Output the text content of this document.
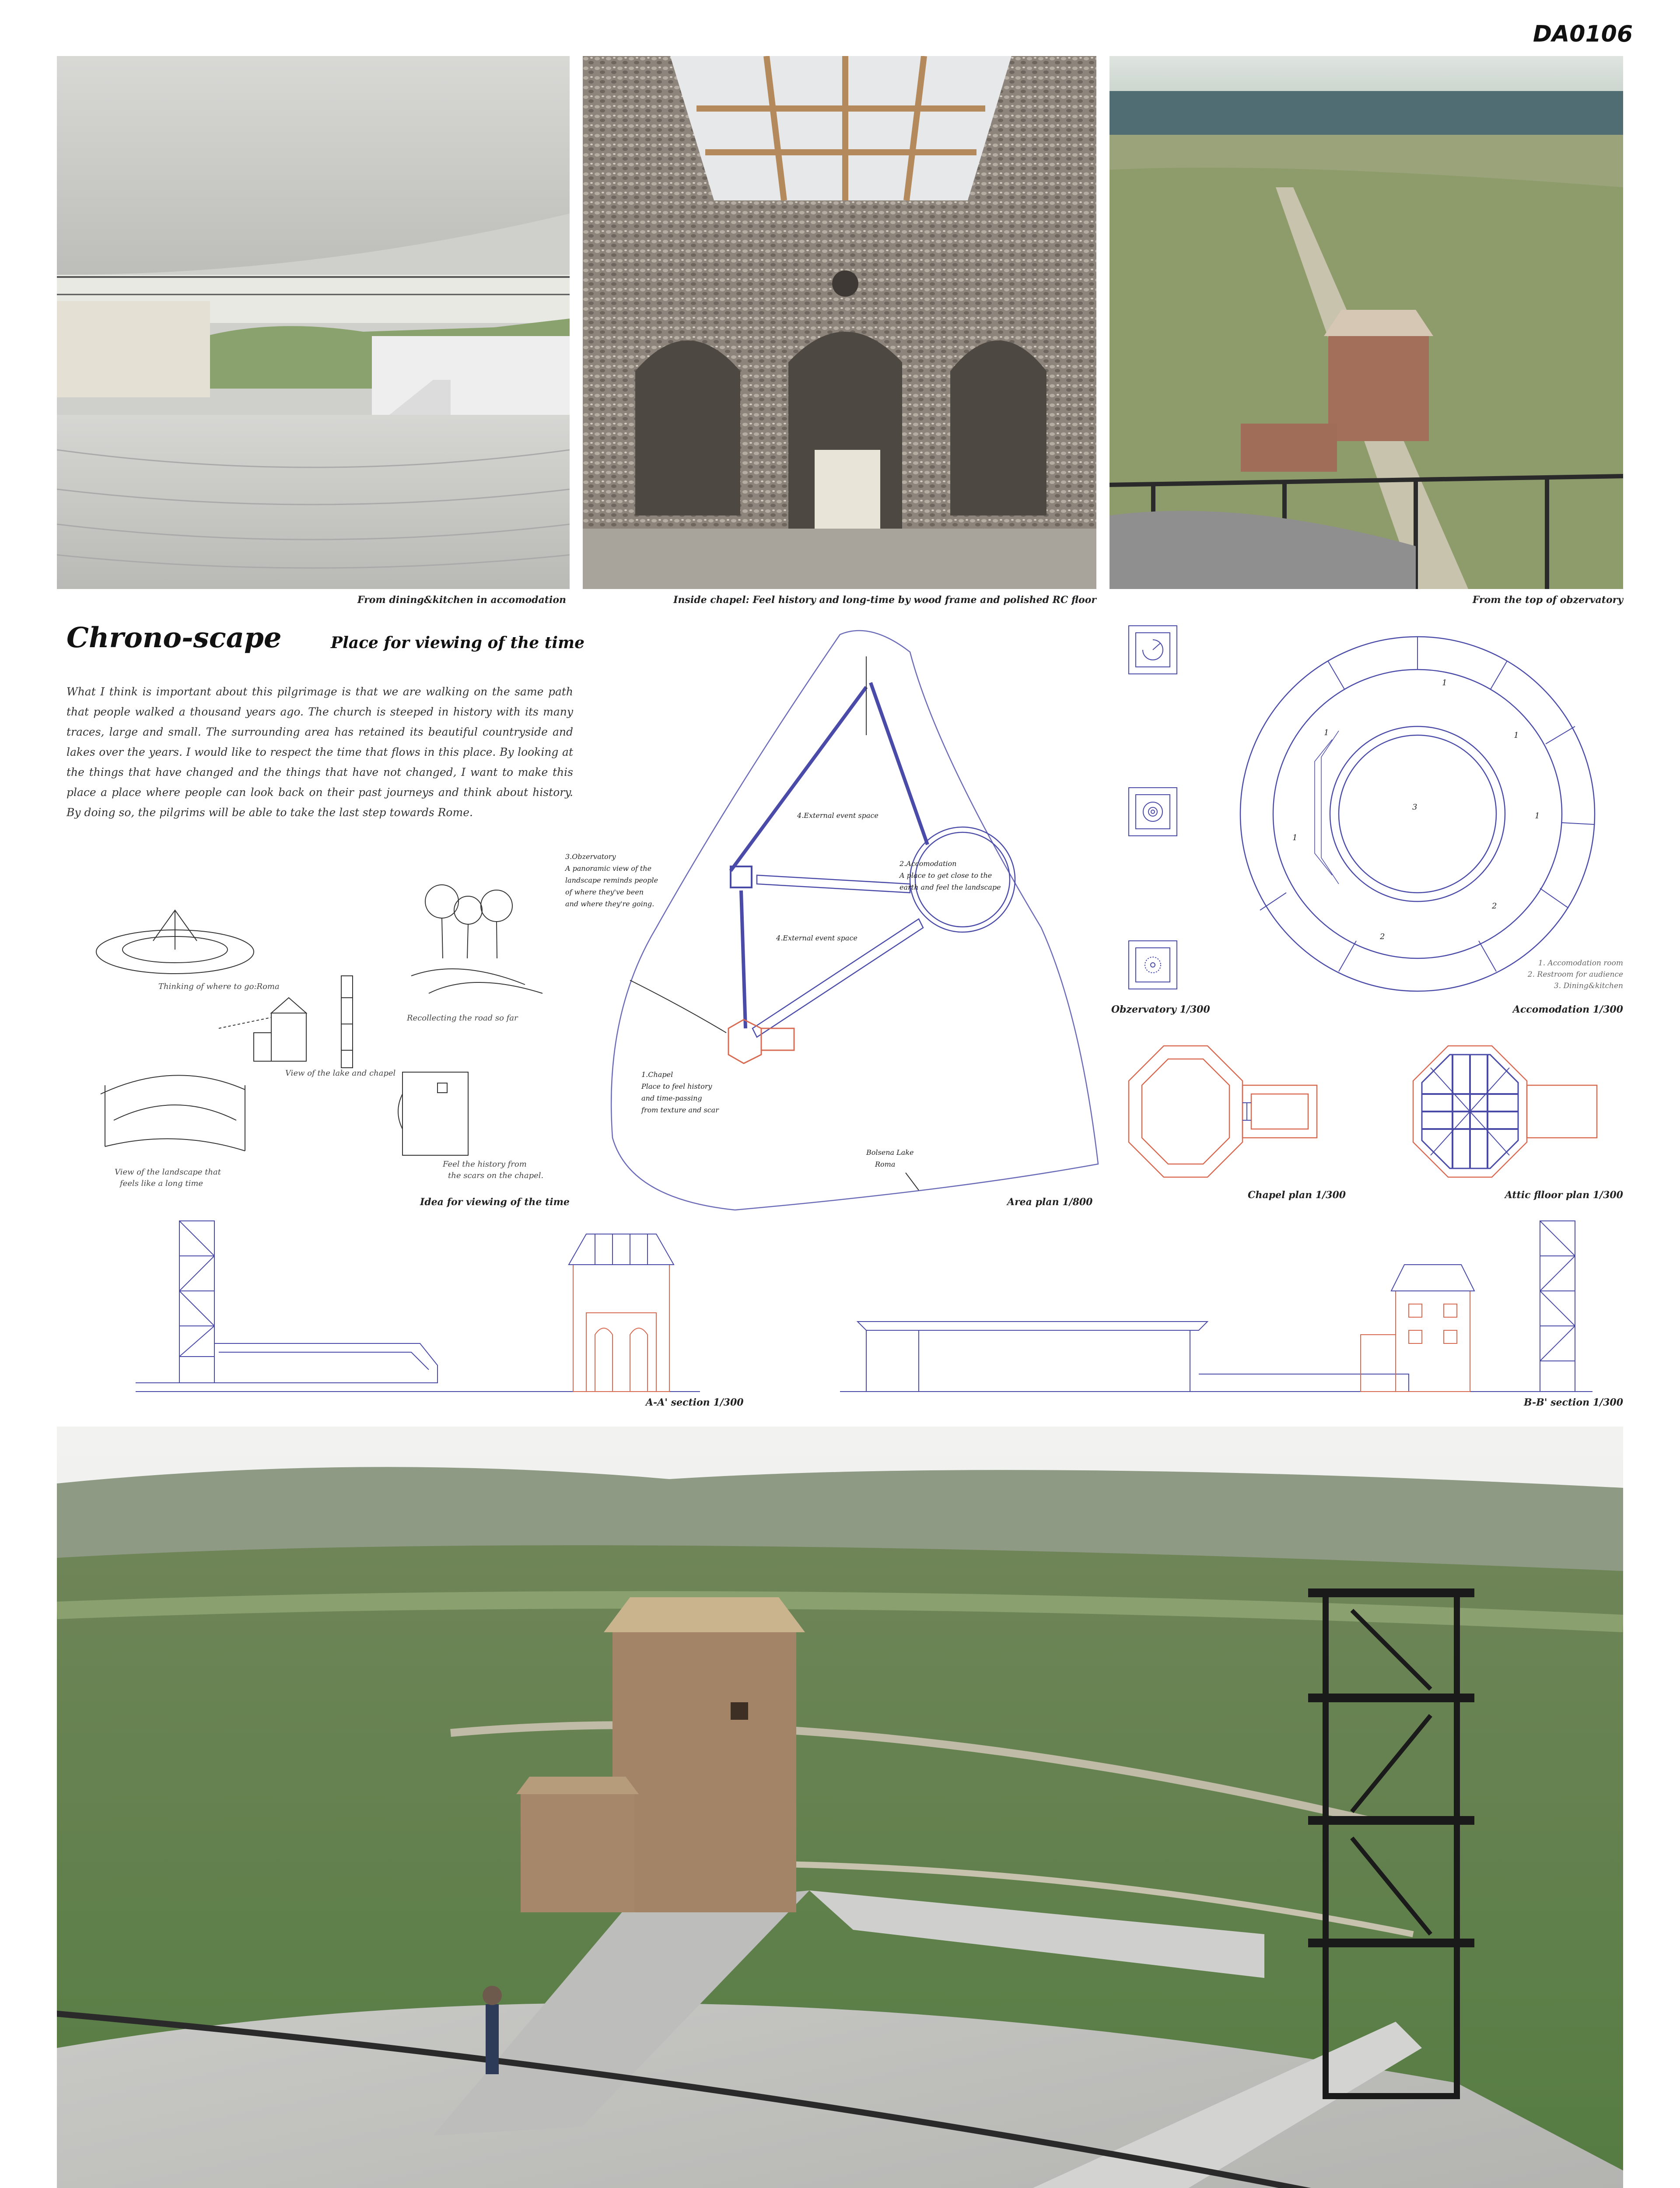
DA0106
From dining&kitchen in accomodation	Inside chapel: Feel history and long-time by wood frame and polished RC floor	From the top of obzervatory
Chrono-scape	Place for viewing of the time
What I think is important about this pilgrimage is that we are walking on the same path that people walked a thousand years ago. The church is steeped in history with its many traces, large and small. The surrounding area has retained its beautiful countryside and lakes over the years. I would like to respect the time that flows in this place. By looking at the things that have changed and the things that have not changed, I want to make this place a place where people can look back on their past journeys and think about history. By doing so, the pilgrims will be able to take the last step towards Rome.
Thinking of where to go:Roma
Recollecting the road so far
View of the lake and chapel
View of the landscape that
feels like a long time
Feel the history from
the scars on the chapel.
Idea for viewing of the time
3.Obzervatory
A panoramic view of the
landscape reminds people
of where they've been
and where they're going.
2.Accomodation
A place to get close to the
earth and feel the landscape
1.Chapel
Place to feel history
and time-passing
from texture and scar
4.External event space
4.External event space
Bolsena Lake
Roma
Area plan 1/800
Obzervatory 1/300
1
1
1
1
1
2
2
3
1. Accomodation room
2. Restroom for audience
3. Dining&kitchen
Accomodation 1/300
Chapel plan 1/300	Attic flloor plan 1/300
A-A' section 1/300	B-B' section 1/300
